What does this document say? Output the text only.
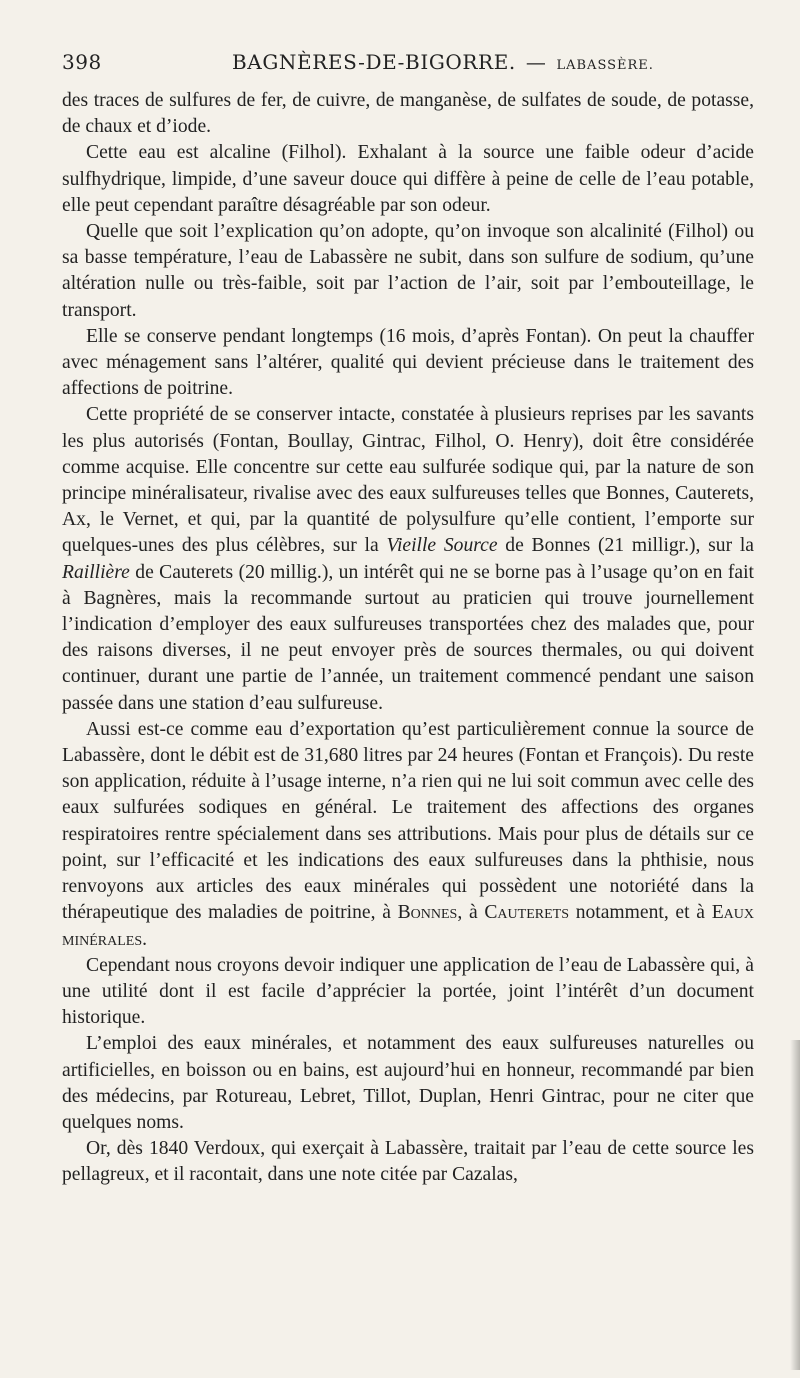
398	BAGNÈRES-DE-BIGORRE. — LABASSÈRE.

des traces de sulfures de fer, de cuivre, de manganèse, de sulfates de soude, de potasse, de chaux et d’iode.

Cette eau est alcaline (Filhol). Exhalant à la source une faible odeur d’acide sulfhydrique, limpide, d’une saveur douce qui diffère à peine de celle de l’eau potable, elle peut cependant paraître désagréable par son odeur.

Quelle que soit l’explication qu’on adopte, qu’on invoque son alcalinité (Filhol) ou sa basse température, l’eau de Labassère ne subit, dans son sulfure de sodium, qu’une altération nulle ou très-faible, soit par l’action de l’air, soit par l’embouteillage, le transport.

Elle se conserve pendant longtemps (16 mois, d’après Fontan). On peut la chauffer avec ménagement sans l’altérer, qualité qui devient précieuse dans le traitement des affections de poitrine.

Cette propriété de se conserver intacte, constatée à plusieurs reprises par les savants les plus autorisés (Fontan, Boullay, Gintrac, Filhol, O. Henry), doit être considérée comme acquise. Elle concentre sur cette eau sulfurée sodique qui, par la nature de son principe minéralisateur, rivalise avec des eaux sulfureuses telles que Bonnes, Cauterets, Ax, le Vernet, et qui, par la quantité de polysulfure qu’elle contient, l’emporte sur quelques-unes des plus célèbres, sur la Vieille Source de Bonnes (21 milligr.), sur la Raillière de Cauterets (20 millig.), un intérêt qui ne se borne pas à l’usage qu’on en fait à Bagnères, mais la recommande surtout au praticien qui trouve journellement l’indication d’employer des eaux sulfureuses transportées chez des malades que, pour des raisons diverses, il ne peut envoyer près de sources thermales, ou qui doivent continuer, durant une partie de l’année, un traitement commencé pendant une saison passée dans une station d’eau sulfureuse.

Aussi est-ce comme eau d’exportation qu’est particulièrement connue la source de Labassère, dont le débit est de 31,680 litres par 24 heures (Fontan et François). Du reste son application, réduite à l’usage interne, n’a rien qui ne lui soit commun avec celle des eaux sulfurées sodiques en général. Le traitement des affections des organes respiratoires rentre spécialement dans ses attributions. Mais pour plus de détails sur ce point, sur l’efficacité et les indications des eaux sulfureuses dans la phthisie, nous renvoyons aux articles des eaux minérales qui possèdent une notoriété dans la thérapeutique des maladies de poitrine, à Bonnes, à Cauterets notamment, et à Eaux minérales.

Cependant nous croyons devoir indiquer une application de l’eau de Labassère qui, à une utilité dont il est facile d’apprécier la portée, joint l’intérêt d’un document historique.

L’emploi des eaux minérales, et notamment des eaux sulfureuses naturelles ou artificielles, en boisson ou en bains, est aujourd’hui en honneur, recommandé par bien des médecins, par Rotureau, Lebret, Tillot, Duplan, Henri Gintrac, pour ne citer que quelques noms.

Or, dès 1840 Verdoux, qui exerçait à Labassère, traitait par l’eau de cette source les pellagreux, et il racontait, dans une note citée par Cazalas,
